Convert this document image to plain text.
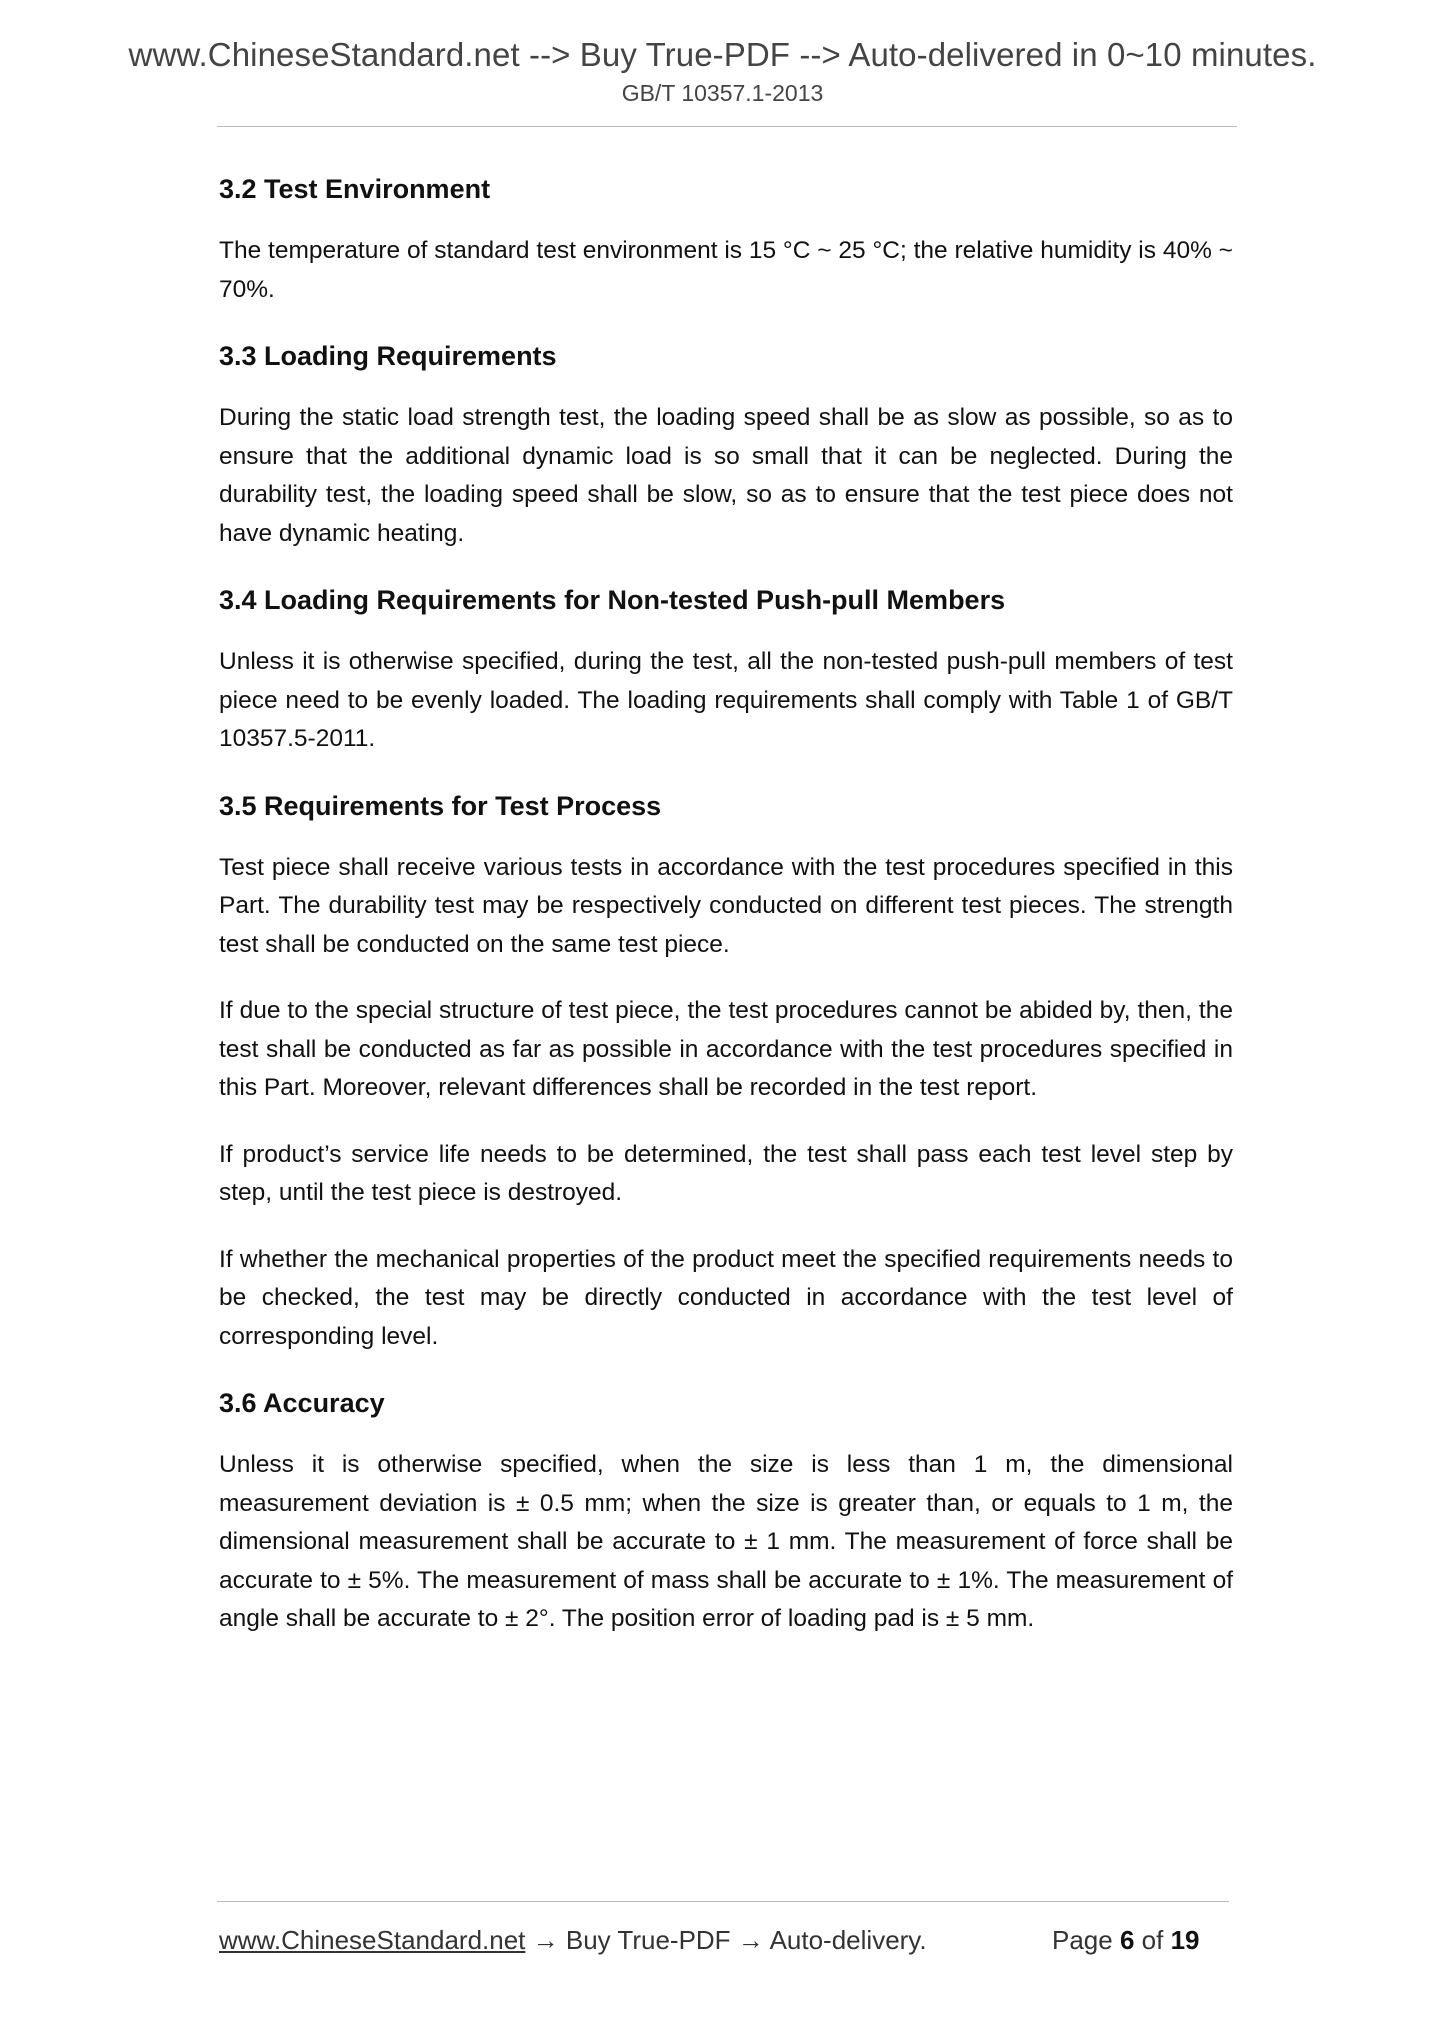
www.ChineseStandard.net --> Buy True-PDF --> Auto-delivered in 0~10 minutes.
GB/T 10357.1-2013
3.2 Test Environment

The temperature of standard test environment is 15 °C ~ 25 °C; the relative humidity is 40% ~ 70%.

3.3 Loading Requirements

During the static load strength test, the loading speed shall be as slow as possible, so as to ensure that the additional dynamic load is so small that it can be neglected. During the durability test, the loading speed shall be slow, so as to ensure that the test piece does not have dynamic heating.

3.4 Loading Requirements for Non-tested Push-pull Members

Unless it is otherwise specified, during the test, all the non-tested push-pull members of test piece need to be evenly loaded. The loading requirements shall comply with Table 1 of GB/T 10357.5-2011.

3.5 Requirements for Test Process

Test piece shall receive various tests in accordance with the test procedures specified in this Part. The durability test may be respectively conducted on different test pieces. The strength test shall be conducted on the same test piece.

If due to the special structure of test piece, the test procedures cannot be abided by, then, the test shall be conducted as far as possible in accordance with the test procedures specified in this Part. Moreover, relevant differences shall be recorded in the test report.

If product’s service life needs to be determined, the test shall pass each test level step by step, until the test piece is destroyed.

If whether the mechanical properties of the product meet the specified requirements needs to be checked, the test may be directly conducted in accordance with the test level of corresponding level.

3.6 Accuracy

Unless it is otherwise specified, when the size is less than 1 m, the dimensional measurement deviation is ± 0.5 mm; when the size is greater than, or equals to 1 m, the dimensional measurement shall be accurate to ± 1 mm. The measurement of force shall be accurate to ± 5%. The measurement of mass shall be accurate to ± 1%. The measurement of angle shall be accurate to ± 2°. The position error of loading pad is ± 5 mm.

www.ChineseStandard.net → Buy True-PDF → Auto-delivery.	Page 6 of 19
